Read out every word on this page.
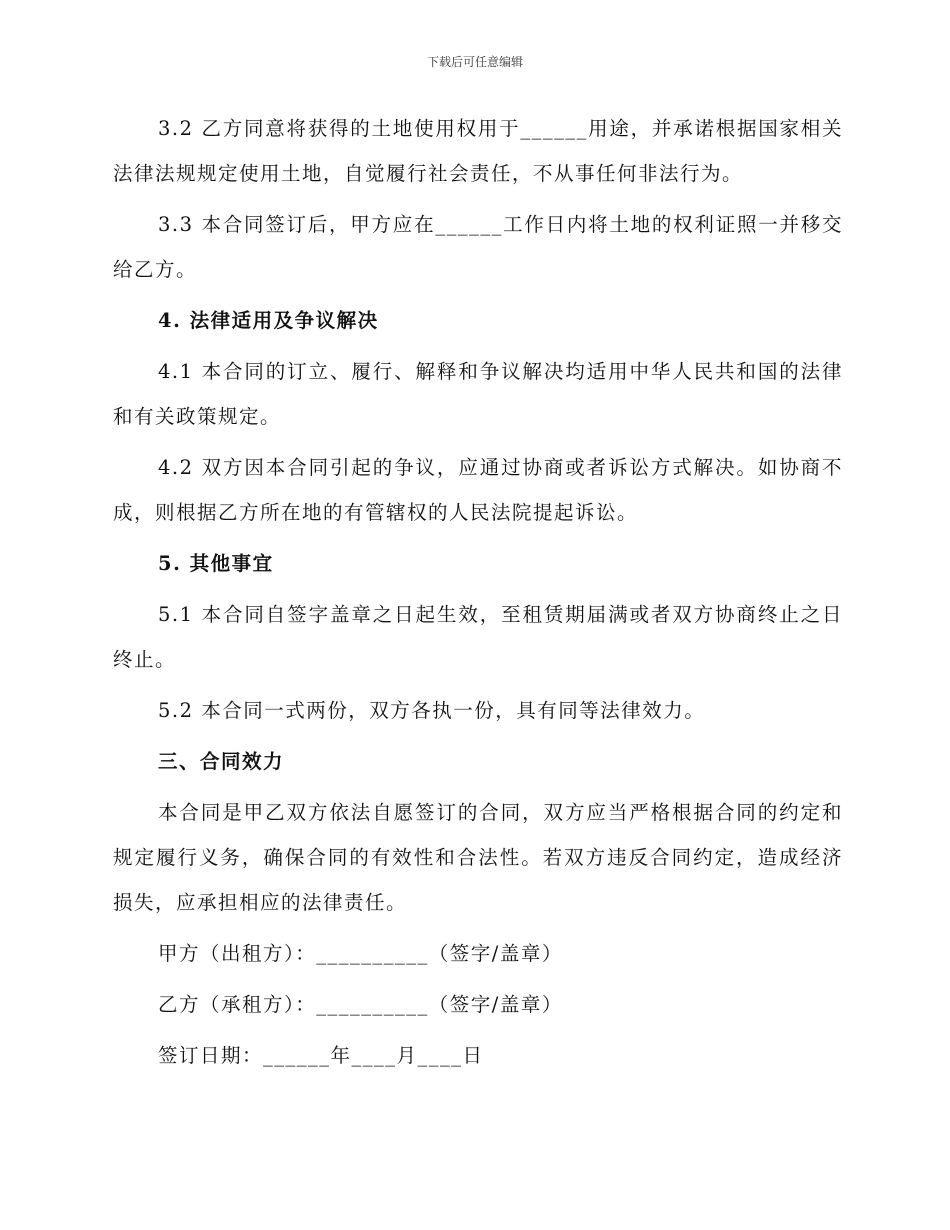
下载后可任意编辑

3.2 乙方同意将获得的土地使用权用于______用途，并承诺根据国家相关法律法规规定使用土地，自觉履行社会责任，不从事任何非法行为。

3.3 本合同签订后，甲方应在______工作日内将土地的权利证照一并移交给乙方。

4. 法律适用及争议解决

4.1 本合同的订立、履行、解释和争议解决均适用中华人民共和国的法律和有关政策规定。

4.2 双方因本合同引起的争议，应通过协商或者诉讼方式解决。如协商不成，则根据乙方所在地的有管辖权的人民法院提起诉讼。

5. 其他事宜

5.1 本合同自签字盖章之日起生效，至租赁期届满或者双方协商终止之日终止。

5.2 本合同一式两份，双方各执一份，具有同等法律效力。

三、合同效力

本合同是甲乙双方依法自愿签订的合同，双方应当严格根据合同的约定和规定履行义务，确保合同的有效性和合法性。若双方违反合同约定，造成经济损失，应承担相应的法律责任。

甲方（出租方）：__________（签字/盖章）

乙方（承租方）：__________（签字/盖章）

签订日期：______年____月____日
